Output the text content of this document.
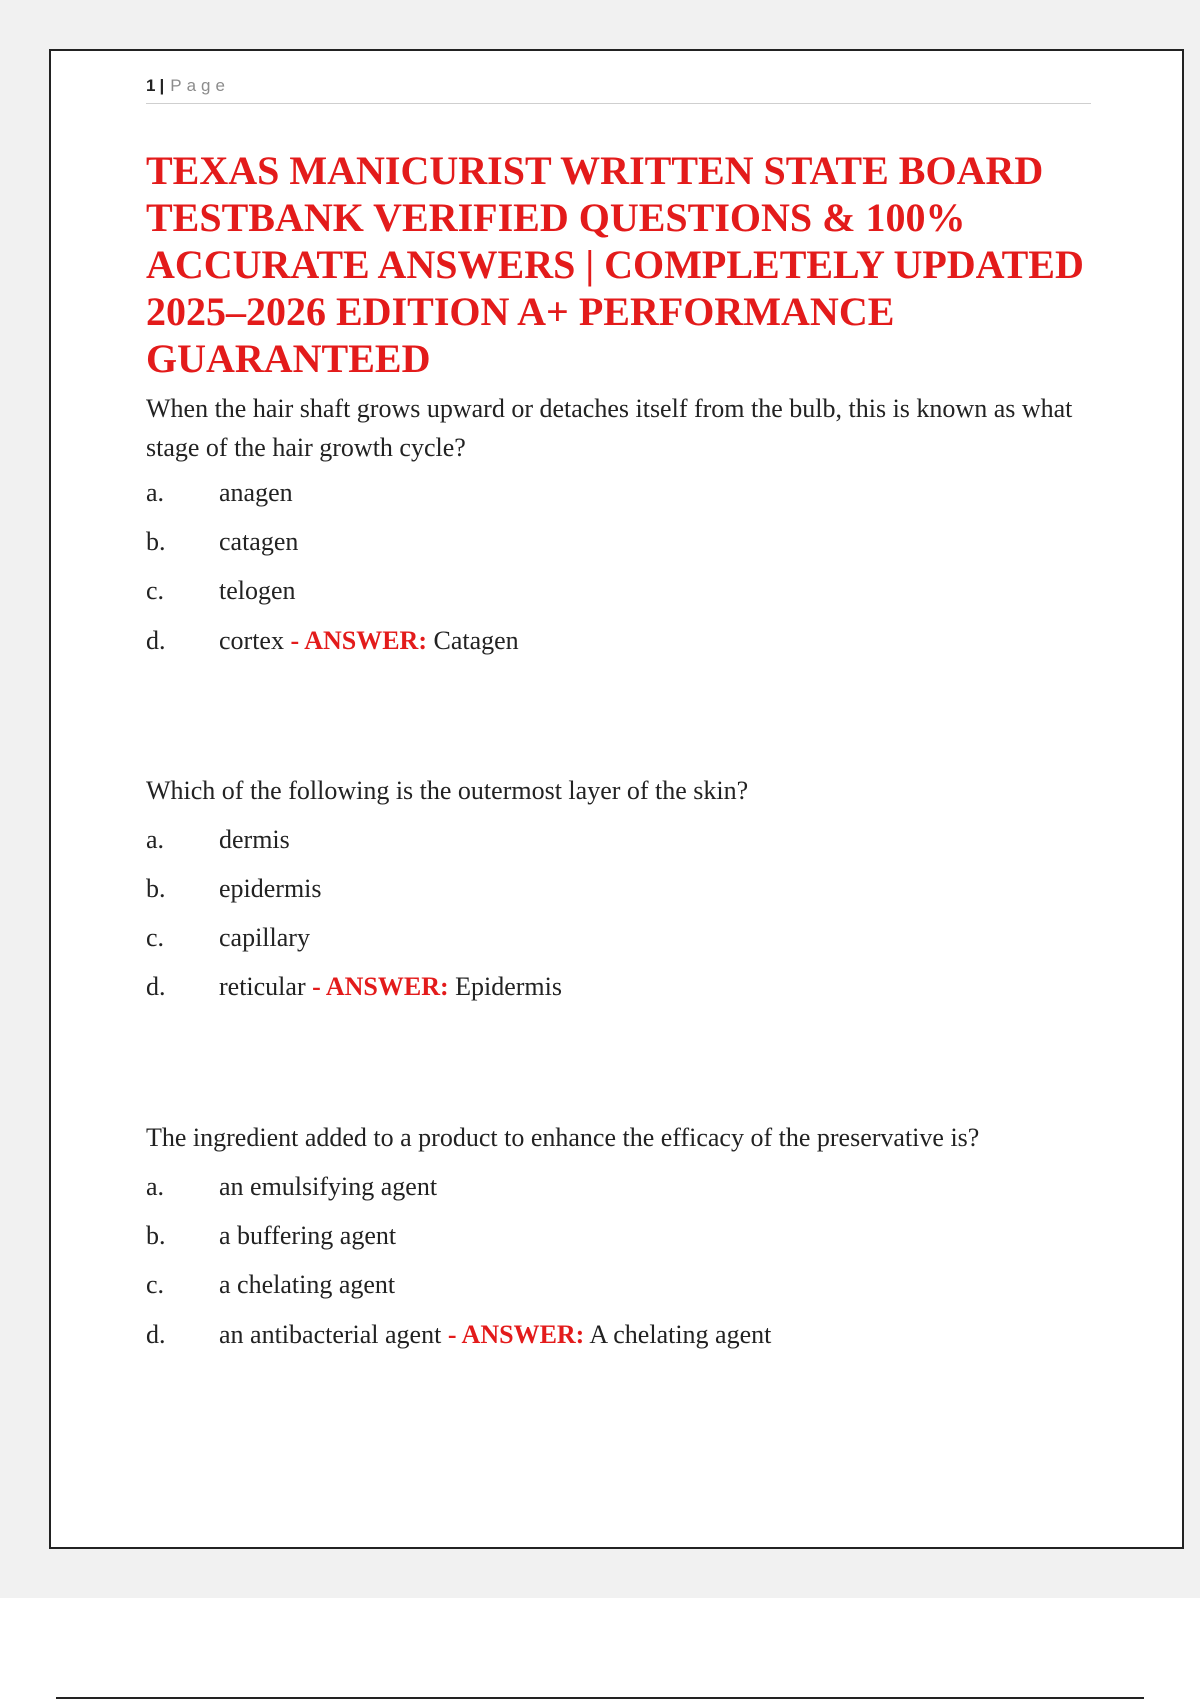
1 | Page
TEXAS MANICURIST WRITTEN STATE BOARD TESTBANK VERIFIED QUESTIONS & 100% ACCURATE ANSWERS | COMPLETELY UPDATED 2025–2026 EDITION A+ PERFORMANCE GUARANTEED

When the hair shaft grows upward or detaches itself from the bulb, this is known as what stage of the hair growth cycle?

a. anagen
b. catagen
c. telogen
d. cortex - ANSWER: Catagen

Which of the following is the outermost layer of the skin?

a. dermis
b. epidermis
c. capillary
d. reticular - ANSWER: Epidermis

The ingredient added to a product to enhance the efficacy of the preservative is?

a. an emulsifying agent
b. a buffering agent
c. a chelating agent
d. an antibacterial agent - ANSWER: A chelating agent
